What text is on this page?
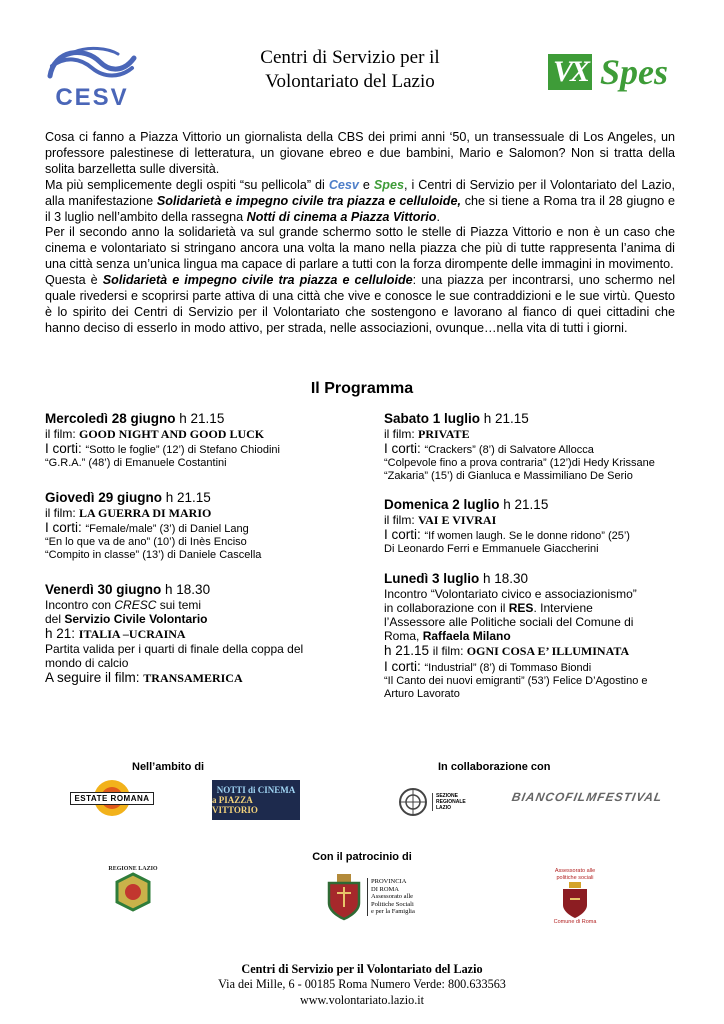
CESV
Centri di Servizio per il
Volontariato del Lazio	VX Spes

Cosa ci fanno a Piazza Vittorio un giornalista della CBS dei primi anni ‘50, un transessuale di Los Angeles, un professore palestinese di letteratura, un giovane ebreo e due bambini, Mario e Salomon? Non si tratta della solita barzelletta sulle diversità.

Ma più semplicemente degli ospiti “su pellicola” di Cesv e Spes, i Centri di Servizio per il Volontariato del Lazio, alla manifestazione Solidarietà e impegno civile tra piazza e celluloide, che si tiene a Roma tra il 28 giugno e il 3 luglio nell’ambito della rassegna Notti di cinema a Piazza Vittorio.

Per il secondo anno la solidarietà va sul grande schermo sotto le stelle di Piazza Vittorio e non è un caso che cinema e volontariato si stringano ancora una volta la mano nella piazza che più di tutte rappresenta l’anima di una città senza un’unica lingua ma capace di parlare a tutti con la forza dirompente delle immagini in movimento.

Questa è Solidarietà e impegno civile tra piazza e celluloide: una piazza per incontrarsi, uno schermo nel quale rivedersi e scoprirsi parte attiva di una città che vive e conosce le sue contraddizioni e le sue virtù. Questo è lo spirito dei Centri di Servizio per il Volontariato che sostengono e lavorano al fianco di quei cittadini che hanno deciso di esserlo in modo attivo, per strada, nelle associazioni, ovunque…nella vita di tutti i giorni.

Il Programma
Mercoledì 28 giugno h 21.15
il film: GOOD NIGHT AND GOOD LUCK
I corti: “Sotto le foglie” (12’) di Stefano Chiodini
“G.R.A.” (48’) di Emanuele Costantini
Giovedì 29 giugno h 21.15
il film: LA GUERRA DI MARIO
I corti: “Female/male” (3’) di Daniel Lang
“En lo que va de ano” (10’) di Inès Enciso
“Compito in classe” (13’) di Daniele Cascella
Venerdì 30 giugno h 18.30
Incontro con CRESC sui temi
del Servizio Civile Volontario
h 21: ITALIA –UCRAINA
Partita valida per i quarti di finale della coppa del
mondo di calcio
A seguire il film: TRANSAMERICA
Sabato 1 luglio h 21.15
il film: PRIVATE
I corti: “Crackers” (8’) di Salvatore Allocca
“Colpevole fino a prova contraria” (12’)di Hedy Krissane
“Zakaria” (15’) di Gianluca e Massimiliano De Serio
Domenica 2 luglio h 21.15
il film: VAI E VIVRAI
I corti: “If women laugh. Se le donne ridono” (25’)
Di Leonardo Ferri e Emmanuele Giaccherini
Lunedì 3 luglio h 18.30
Incontro “Volontariato civico e associazionismo”
in collaborazione con il RES. Interviene
l’Assessore alle Politiche sociali del Comune di
Roma, Raffaela Milano
h 21.15 il film: OGNI COSA E’ ILLUMINATA
I corti: “Industrial” (8’) di Tommaso Biondi
“Il Canto dei nuovi emigranti” (53’) Felice D’Agostino e
Arturo Lavorato
Nell’ambito di	In collaborazione con
ESTATE ROMANA
NOTTI di CINEMA
a PIAZZA VITTORIO
SEZIONE
REGIONALE
LAZIO
BIANCOFILMFESTIVAL
Con il patrocinio di
REGIONE LAZIO
PROVINCIA
DI ROMA
Assessorato alle
Politiche Sociali
e per la Famiglia
Assessorato alle
politiche sociali
Comune di Roma
Centri di Servizio per il Volontariato del Lazio
Via dei Mille, 6 - 00185 Roma Numero Verde: 800.633563
www.volontariato.lazio.it
